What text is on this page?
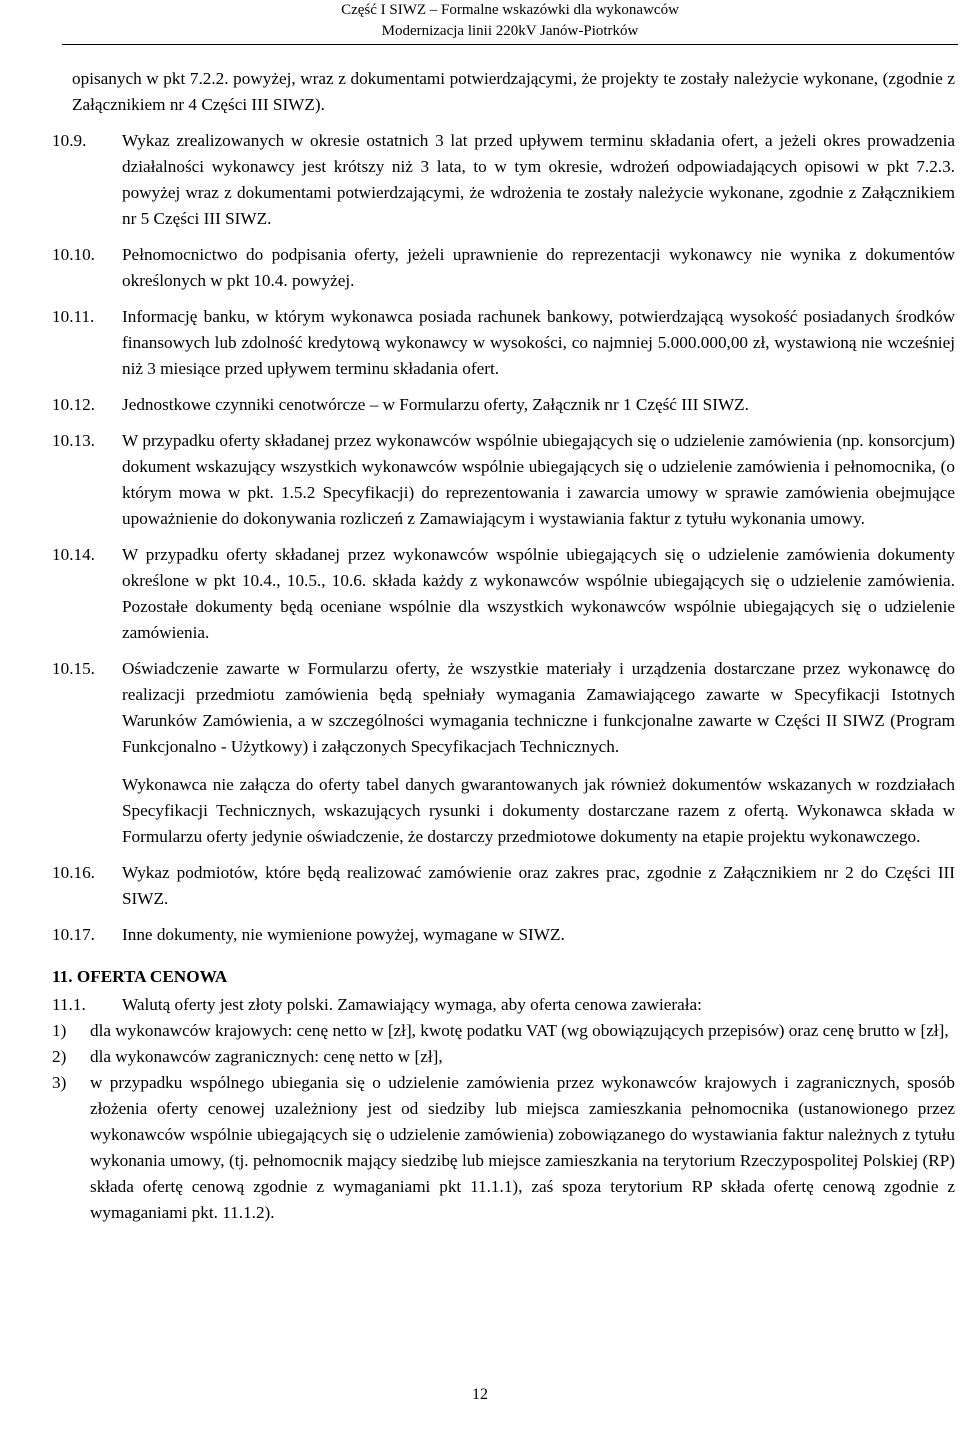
Część I SIWZ – Formalne wskazówki dla wykonawców
Modernizacja linii 220kV Janów-Piotrków

opisanych w pkt 7.2.2. powyżej, wraz z dokumentami potwierdzającymi, że projekty te zostały należycie wykonane, (zgodnie z Załącznikiem nr 4 Części III SIWZ).

10.9. Wykaz zrealizowanych w okresie ostatnich 3 lat przed upływem terminu składania ofert, a jeżeli okres prowadzenia działalności wykonawcy jest krótszy niż 3 lata, to w tym okresie, wdrożeń odpowiadających opisowi w pkt 7.2.3. powyżej wraz z dokumentami potwierdzającymi, że wdrożenia te zostały należycie wykonane, zgodnie z Załącznikiem nr 5 Części III SIWZ.
10.10. Pełnomocnictwo do podpisania oferty, jeżeli uprawnienie do reprezentacji wykonawcy nie wynika z dokumentów określonych w pkt 10.4. powyżej.
10.11. Informację banku, w którym wykonawca posiada rachunek bankowy, potwierdzającą wysokość posiadanych środków finansowych lub zdolność kredytową wykonawcy w wysokości, co najmniej 5.000.000,00 zł, wystawioną nie wcześniej niż 3 miesiące przed upływem terminu składania ofert.
10.12. Jednostkowe czynniki cenotwórcze – w Formularzu oferty, Załącznik nr 1 Część III SIWZ.
10.13. W przypadku oferty składanej przez wykonawców wspólnie ubiegających się o udzielenie zamówienia (np. konsorcjum) dokument wskazujący wszystkich wykonawców wspólnie ubiegających się o udzielenie zamówienia i pełnomocnika, (o którym mowa w pkt. 1.5.2 Specyfikacji) do reprezentowania i zawarcia umowy w sprawie zamówienia obejmujące upoważnienie do dokonywania rozliczeń z Zamawiającym i wystawiania faktur z tytułu wykonania umowy.
10.14. W przypadku oferty składanej przez wykonawców wspólnie ubiegających się o udzielenie zamówienia dokumenty określone w pkt 10.4., 10.5., 10.6. składa każdy z wykonawców wspólnie ubiegających się o udzielenie zamówienia. Pozostałe dokumenty będą oceniane wspólnie dla wszystkich wykonawców wspólnie ubiegających się o udzielenie zamówienia.
10.15. Oświadczenie zawarte w Formularzu oferty, że wszystkie materiały i urządzenia dostarczane przez wykonawcę do realizacji przedmiotu zamówienia będą spełniały wymagania Zamawiającego zawarte w Specyfikacji Istotnych Warunków Zamówienia, a w szczególności wymagania techniczne i funkcjonalne zawarte w Części II SIWZ (Program Funkcjonalno - Użytkowy) i załączonych Specyfikacjach Technicznych.

Wykonawca nie załącza do oferty tabel danych gwarantowanych jak również dokumentów wskazanych w rozdziałach Specyfikacji Technicznych, wskazujących rysunki i dokumenty dostarczane razem z ofertą. Wykonawca składa w Formularzu oferty jedynie oświadczenie, że dostarczy przedmiotowe dokumenty na etapie projektu wykonawczego.

10.16. Wykaz podmiotów, które będą realizować zamówienie oraz zakres prac, zgodnie z Załącznikiem nr 2 do Części III SIWZ.
10.17. Inne dokumenty, nie wymienione powyżej, wymagane w SIWZ.
11. OFERTA CENOWA
11.1. Walutą oferty jest złoty polski. Zamawiający wymaga, aby oferta cenowa zawierała:
1) dla wykonawców krajowych: cenę netto w [zł], kwotę podatku VAT (wg obowiązujących przepisów) oraz cenę brutto w [zł],
2) dla wykonawców zagranicznych: cenę netto w [zł],
3) w przypadku wspólnego ubiegania się o udzielenie zamówienia przez wykonawców krajowych i zagranicznych, sposób złożenia oferty cenowej uzależniony jest od siedziby lub miejsca zamieszkania pełnomocnika (ustanowionego przez wykonawców wspólnie ubiegających się o udzielenie zamówienia) zobowiązanego do wystawiania faktur należnych z tytułu wykonania umowy, (tj. pełnomocnik mający siedzibę lub miejsce zamieszkania na terytorium Rzeczypospolitej Polskiej (RP) składa ofertę cenową zgodnie z wymaganiami pkt 11.1.1), zaś spoza terytorium RP składa ofertę cenową zgodnie z wymaganiami pkt. 11.1.2).
12
